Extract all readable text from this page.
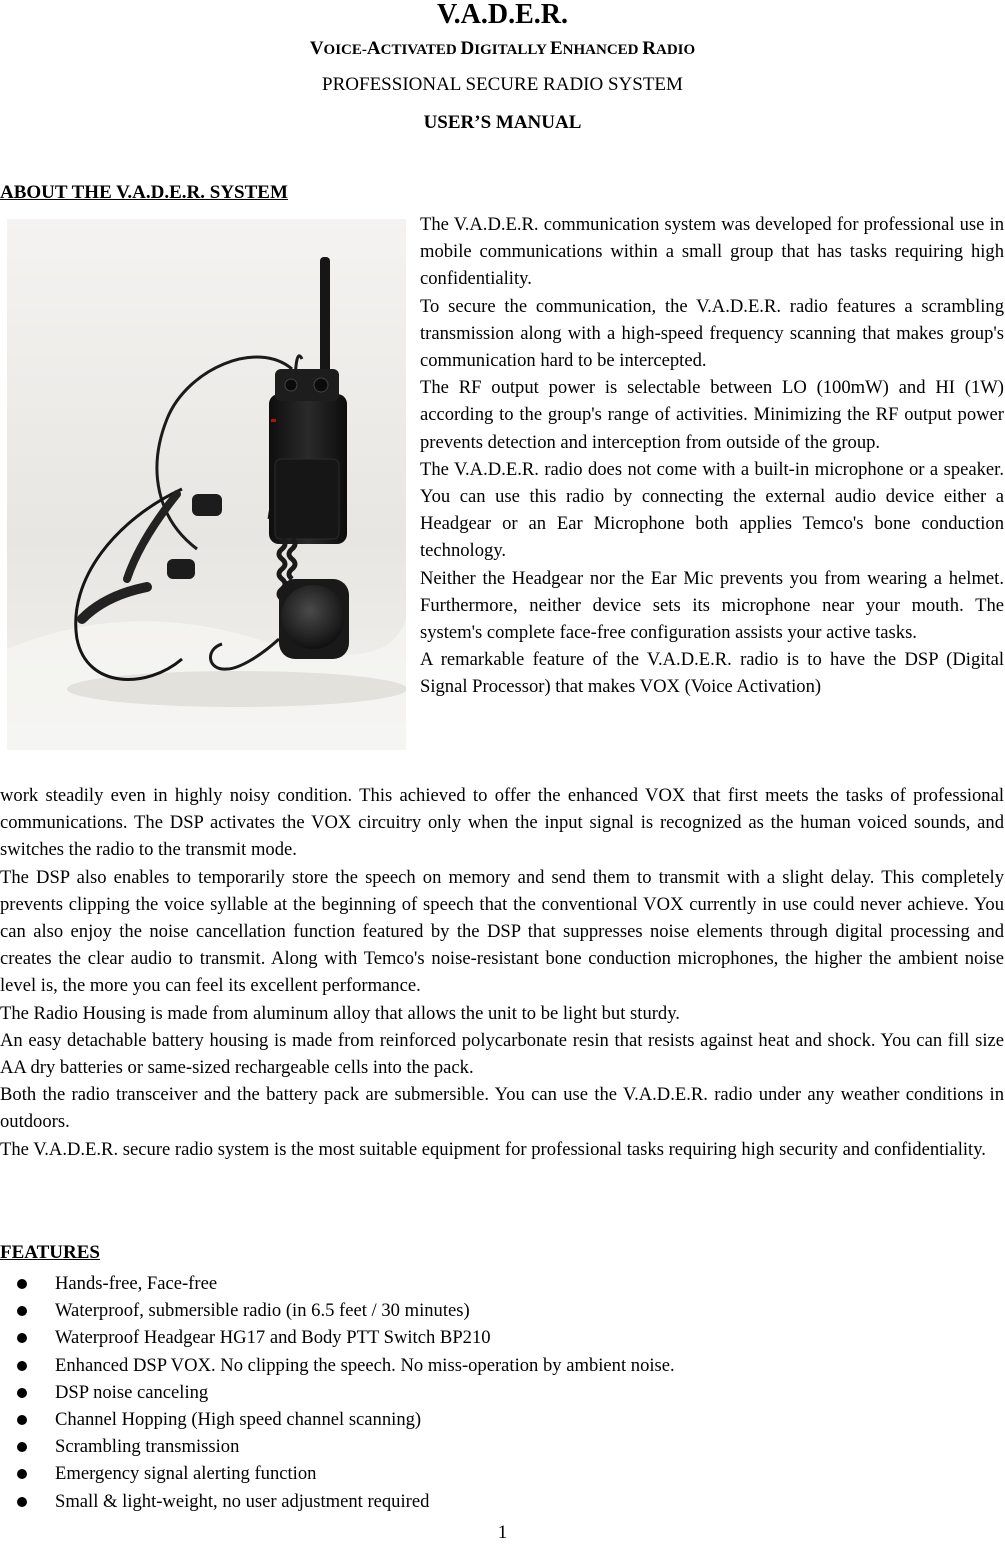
V.A.D.E.R.
VOICE-ACTIVATED DIGITALLY ENHANCED RADIO
PROFESSIONAL SECURE RADIO SYSTEM
USER’S MANUAL
ABOUT THE V.A.D.E.R. SYSTEM

The V.A.D.E.R. communication system was developed for professional use in mobile communications within a small group that has tasks requiring high confidentiality.

To secure the communication, the V.A.D.E.R. radio features a scrambling transmission along with a high-speed frequency scanning that makes group's communication hard to be intercepted.

The RF output power is selectable between LO (100mW) and HI (1W) according to the group's range of activities. Minimizing the RF output power prevents detection and interception from outside of the group.

The V.A.D.E.R. radio does not come with a built-in microphone or a speaker. You can use this radio by connecting the external audio device either a Headgear or an Ear Microphone both applies Temco's bone conduction technology.

Neither the Headgear nor the Ear Mic prevents you from wearing a helmet. Furthermore, neither device sets its microphone near your mouth. The system's complete face-free configuration assists your active tasks.

A remarkable feature of the V.A.D.E.R. radio is to have the DSP (Digital Signal Processor) that makes VOX (Voice Activation)

work steadily even in highly noisy condition. This achieved to offer the enhanced VOX that first meets the tasks of professional communications. The DSP activates the VOX circuitry only when the input signal is recognized as the human voiced sounds, and switches the radio to the transmit mode.

The DSP also enables to temporarily store the speech on memory and send them to transmit with a slight delay. This completely prevents clipping the voice syllable at the beginning of speech that the conventional VOX currently in use could never achieve. You can also enjoy the noise cancellation function featured by the DSP that suppresses noise elements through digital processing and creates the clear audio to transmit. Along with Temco's noise-resistant bone conduction microphones, the higher the ambient noise level is, the more you can feel its excellent performance.

The Radio Housing is made from aluminum alloy that allows the unit to be light but sturdy.

An easy detachable battery housing is made from reinforced polycarbonate resin that resists against heat and shock. You can fill size AA dry batteries or same-sized rechargeable cells into the pack.

Both the radio transceiver and the battery pack are submersible. You can use the V.A.D.E.R. radio under any weather conditions in outdoors.

The V.A.D.E.R. secure radio system is the most suitable equipment for professional tasks requiring high security and confidentiality.

FEATURES
Hands-free, Face-free
Waterproof, submersible radio (in 6.5 feet / 30 minutes)
Waterproof Headgear HG17 and Body PTT Switch BP210
Enhanced DSP VOX. No clipping the speech. No miss-operation by ambient noise.
DSP noise canceling
Channel Hopping (High speed channel scanning)
Scrambling transmission
Emergency signal alerting function
Small & light-weight, no user adjustment required
1
